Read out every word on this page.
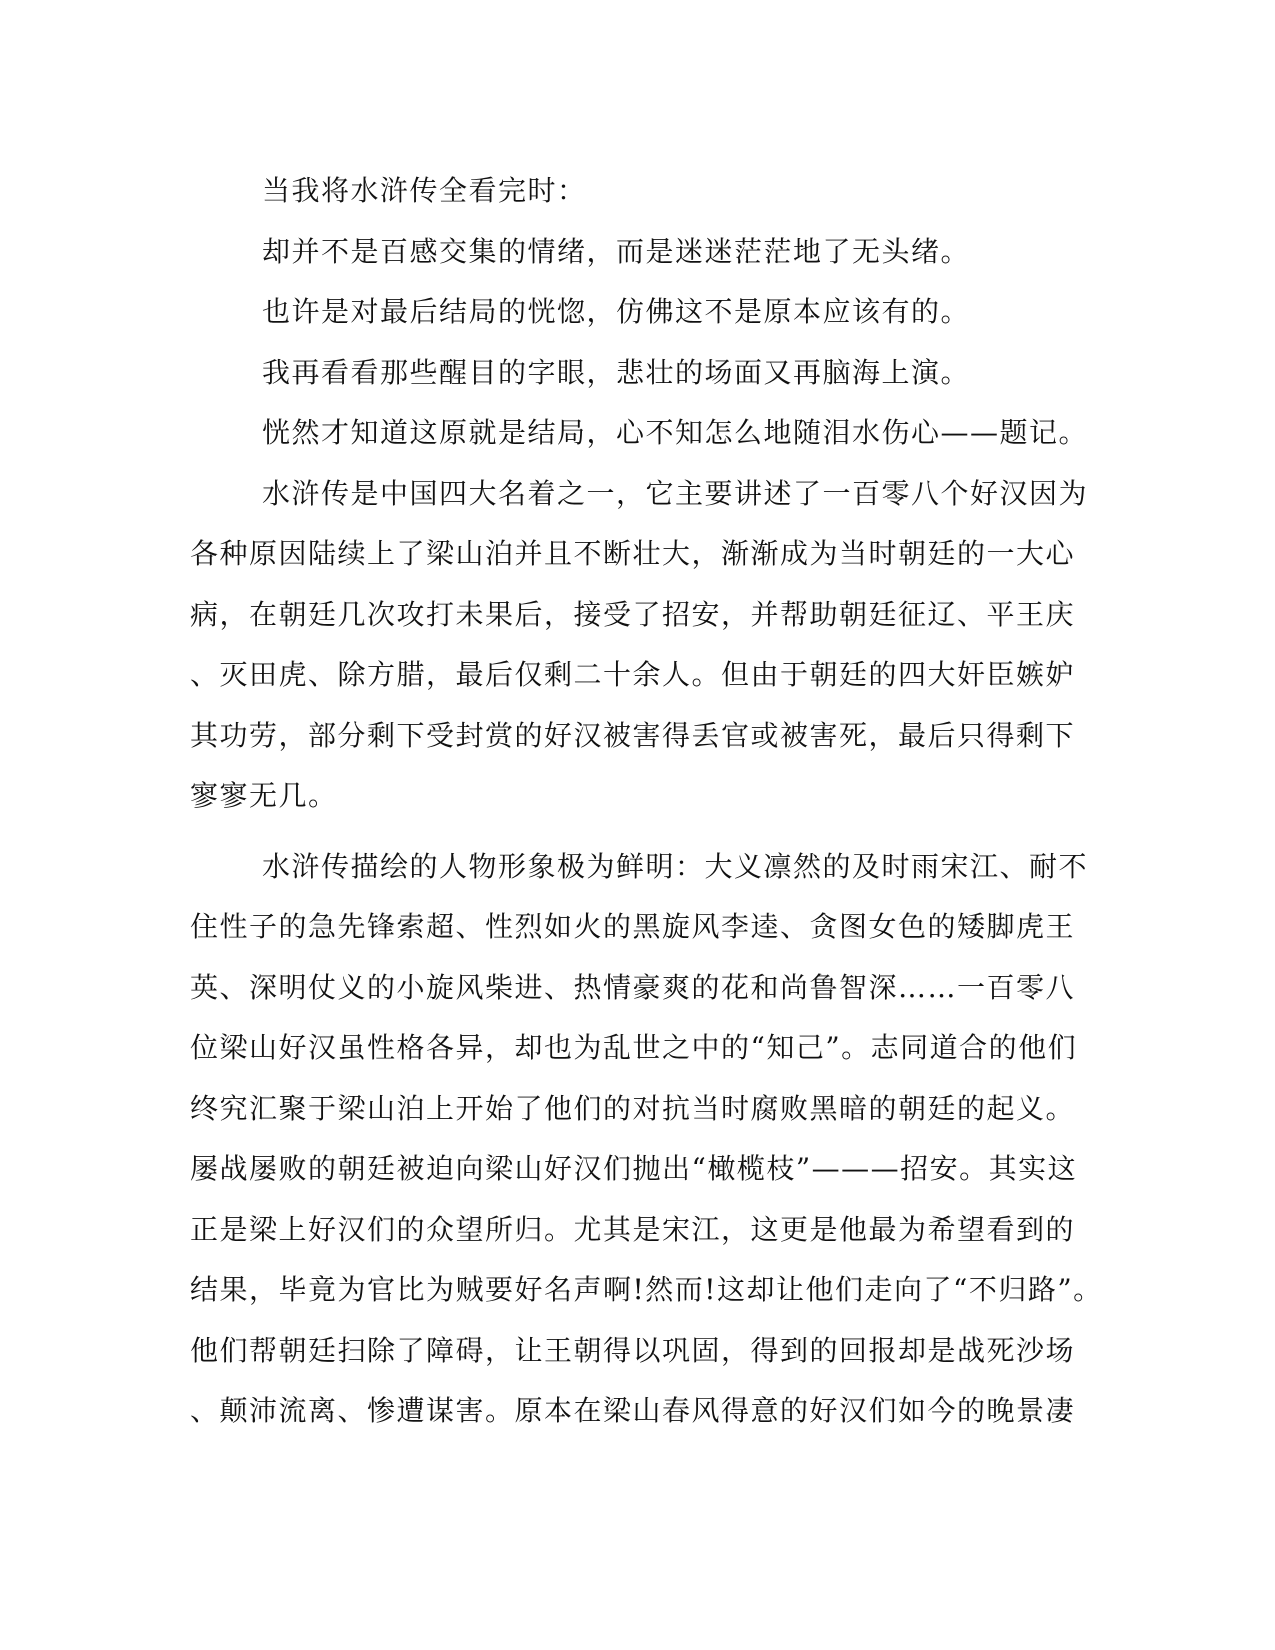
当我将水浒传全看完时：
却并不是百感交集的情绪，而是迷迷茫茫地了无头绪。
也许是对最后结局的恍惚，仿佛这不是原本应该有的。
我再看看那些醒目的字眼，悲壮的场面又再脑海上演。
恍然才知道这原就是结局，心不知怎么地随泪水伤心——题记。
水浒传是中国四大名着之一，它主要讲述了一百零八个好汉因为
各种原因陆续上了梁山泊并且不断壮大，渐渐成为当时朝廷的一大心
病，在朝廷几次攻打未果后，接受了招安，并帮助朝廷征辽、平王庆
、灭田虎、除方腊，最后仅剩二十余人。但由于朝廷的四大奸臣嫉妒
其功劳，部分剩下受封赏的好汉被害得丢官或被害死，最后只得剩下
寥寥无几。
水浒传描绘的人物形象极为鲜明：大义凛然的及时雨宋江、耐不
住性子的急先锋索超、性烈如火的黑旋风李逵、贪图女色的矮脚虎王
英、深明仗义的小旋风柴进、热情豪爽的花和尚鲁智深……一百零八
位梁山好汉虽性格各异，却也为乱世之中的“知己”。志同道合的他们
终究汇聚于梁山泊上开始了他们的对抗当时腐败黑暗的朝廷的起义。
屡战屡败的朝廷被迫向梁山好汉们抛出“橄榄枝”———招安。其实这
正是梁上好汉们的众望所归。尤其是宋江，这更是他最为希望看到的
结果，毕竟为官比为贼要好名声啊!然而!这却让他们走向了“不归路”。
他们帮朝廷扫除了障碍，让王朝得以巩固，得到的回报却是战死沙场
、颠沛流离、惨遭谋害。原本在梁山春风得意的好汉们如今的晚景凄
